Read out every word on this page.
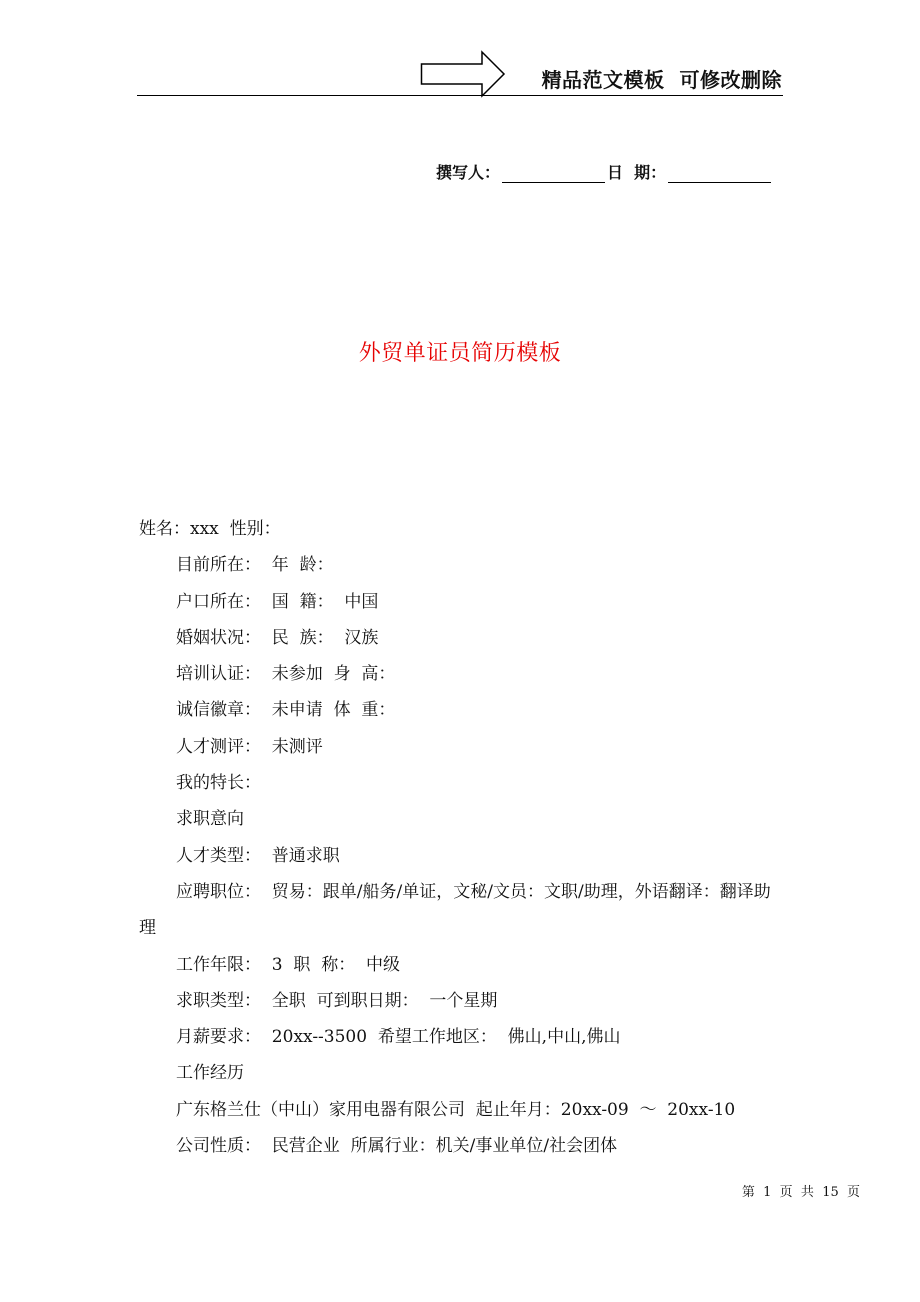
精品范文模板  可修改删除
撰写人：	日  期：
外贸单证员简历模板

姓名：xxx  性别：

目前所在：  年  龄：

户口所在：  国  籍：  中国

婚姻状况：  民  族：  汉族

培训认证：  未参加  身  高：

诚信徽章：  未申请  体  重：

人才测评：  未测评

我的特长：

求职意向

人才类型：  普通求职

应聘职位：  贸易：跟单/船务/单证，文秘/文员：文职/助理，外语翻译：翻译助理

工作年限：  3  职  称：  中级

求职类型：  全职  可到职日期：  一个星期

月薪要求：  20xx--3500  希望工作地区：  佛山,中山,佛山

工作经历

广东格兰仕（中山）家用电器有限公司  起止年月：20xx-09  ～  20xx-10

公司性质：  民营企业  所属行业：机关/事业单位/社会团体

第  1  页  共  15  页
